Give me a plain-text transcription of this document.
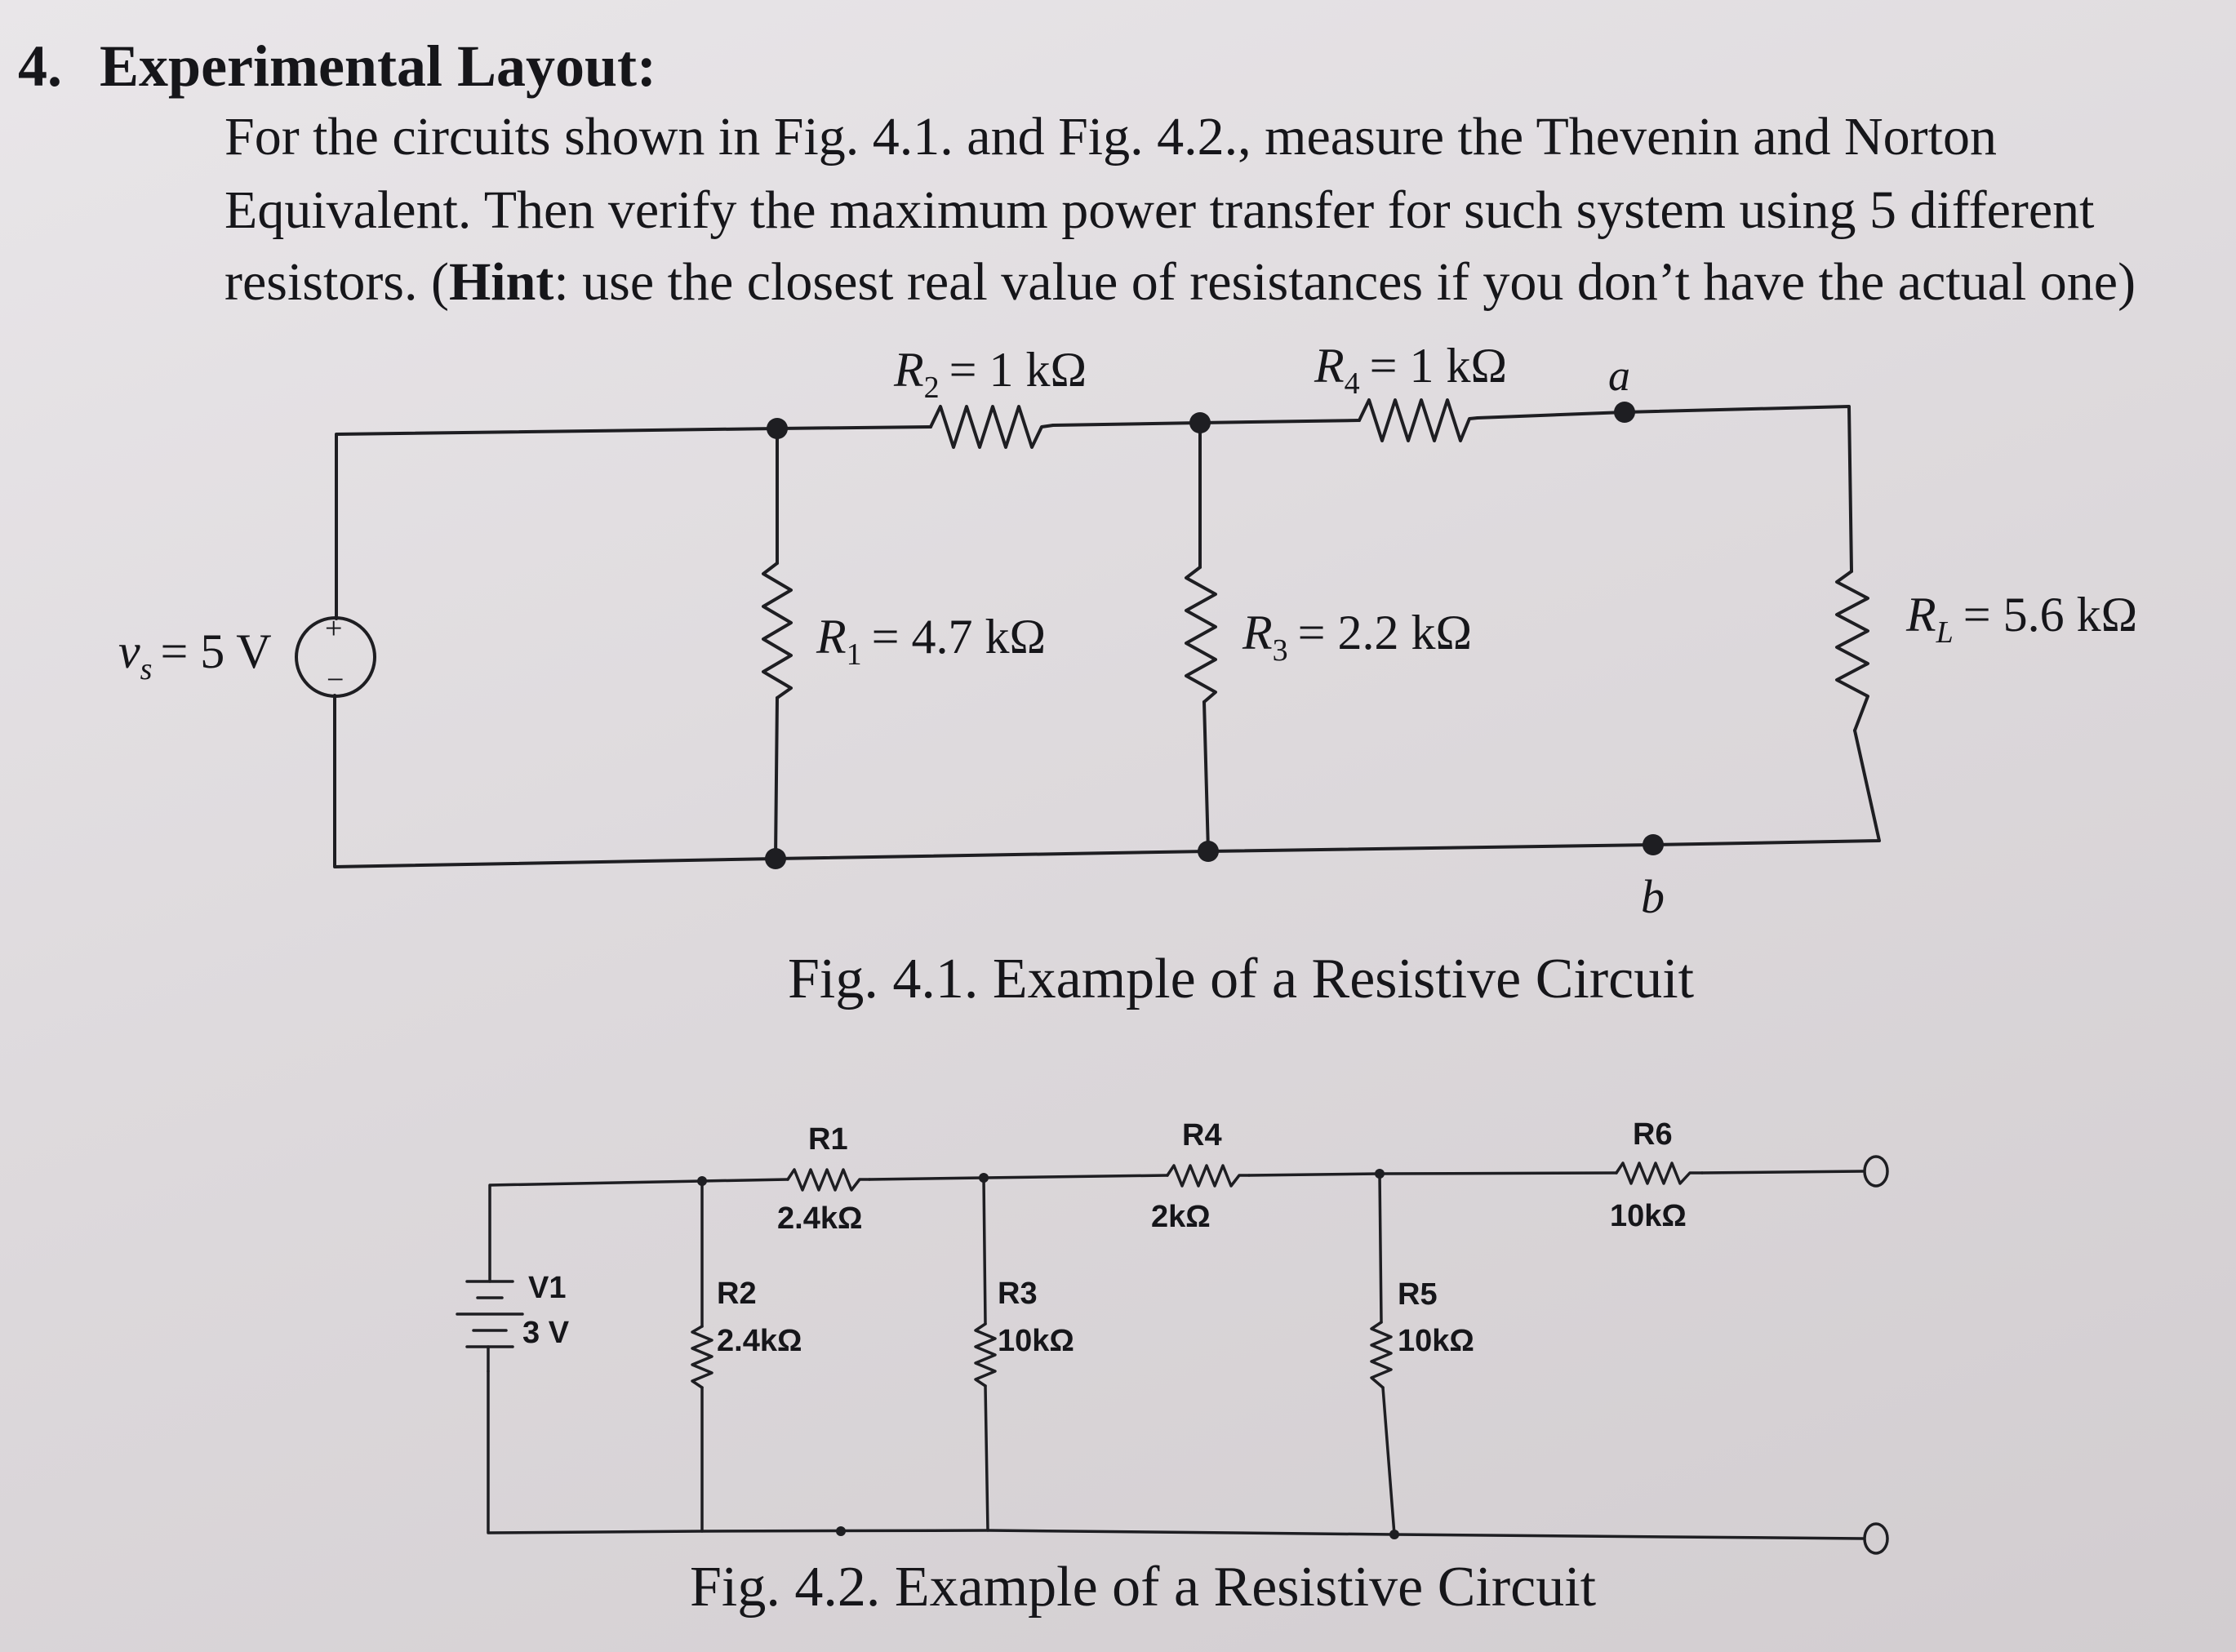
4. Experimental Layout:
For the circuits shown in Fig. 4.1. and Fig. 4.2., measure the Thevenin and Norton
Equivalent. Then verify the maximum power transfer for such system using 5 different
resistors. (Hint: use the closest real value of resistances if you don’t have the actual one)
$R_2 = 1$ kΩ	$R_4 = 1$ kΩ
$R_1 = 4.7$ kΩ	$R_3 = 2.2$ kΩ	$R_L = 5.6$ kΩ
$v_s = 5$ V
a
b
+
−
R1
2.4kΩ
R4
2kΩ
R6
10kΩ
R2
2.4kΩ
R3
10kΩ
R5
10kΩ
V1
3 V
Fig. 4.1. Example of a Resistive Circuit
Fig. 4.2. Example of a Resistive Circuit
